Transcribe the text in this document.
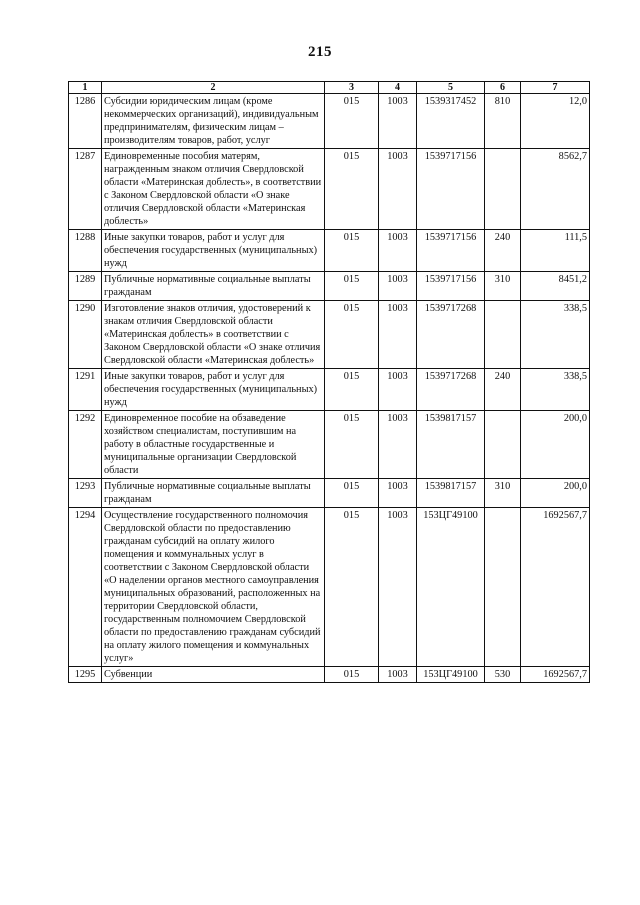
215
1	2	3	4	5	6	7
1286	Субсидии юридическим лицам (кроме некоммерческих организаций), индивидуальным предпринимателям, физическим лицам – производителям товаров, работ, услуг	015	1003	1539317452	810	12,0
1287	Единовременные пособия матерям, награжденным знаком отличия Свердловской области «Материнская доблесть», в соответствии с Законом Свердловской области «О знаке отличия Свердловской области «Материнская доблесть»	015	1003	1539717156		8562,7
1288	Иные закупки товаров, работ и услуг для обеспечения государственных (муниципальных) нужд	015	1003	1539717156	240	111,5
1289	Публичные нормативные социальные выплаты гражданам	015	1003	1539717156	310	8451,2
1290	Изготовление знаков отличия, удостоверений к знакам отличия Свердловской области «Материнская доблесть» в соответствии с Законом Свердловской области «О знаке отличия Свердловской области «Материнская доблесть»	015	1003	1539717268		338,5
1291	Иные закупки товаров, работ и услуг для обеспечения государственных (муниципальных) нужд	015	1003	1539717268	240	338,5
1292	Единовременное пособие на обзаведение хозяйством специалистам, поступившим на работу в областные государственные и муниципальные организации Свердловской области	015	1003	1539817157		200,0
1293	Публичные нормативные социальные выплаты гражданам	015	1003	1539817157	310	200,0
1294	Осуществление государственного полномочия Свердловской области по предоставлению гражданам субсидий на оплату жилого помещения и коммунальных услуг в соответствии с Законом Свердловской области «О наделении органов местного самоуправления муниципальных образований, расположенных на территории Свердловской области, государственным полномочием Свердловской области по предоставлению гражданам субсидий на оплату жилого помещения и коммунальных услуг»	015	1003	153ЦГ49100		1692567,7
1295	Субвенции	015	1003	153ЦГ49100	530	1692567,7
